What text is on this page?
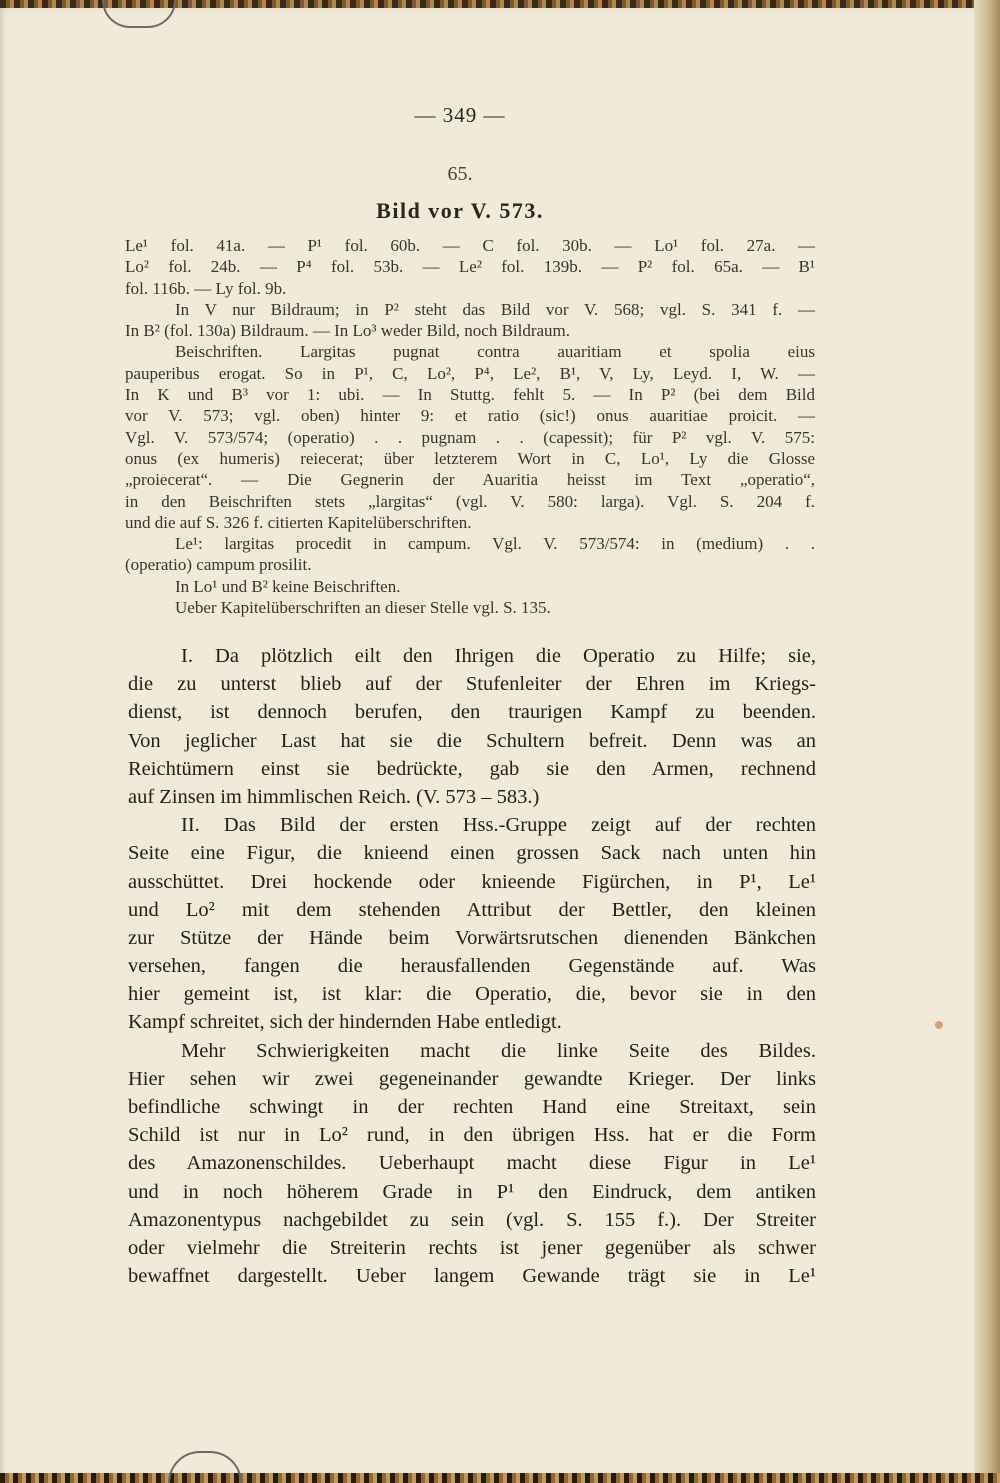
— 349 —
65.
Bild vor V. 573.
Le¹ fol. 41a. — P¹ fol. 60b. — C fol. 30b. — Lo¹ fol. 27a. —
Lo² fol. 24b. — P⁴ fol. 53b. — Le² fol. 139b. — P² fol. 65a. — B¹
fol. 116b. — Ly fol. 9b.
In V nur Bildraum; in P² steht das Bild vor V. 568; vgl. S. 341 f. —
In B² (fol. 130a) Bildraum. — In Lo³ weder Bild, noch Bildraum.
Beischriften. Largitas pugnat contra auaritiam et spolia eius
pauperibus erogat. So in P¹, C, Lo², P⁴, Le², B¹, V, Ly, Leyd. I, W. —
In K und B³ vor 1: ubi. — In Stuttg. fehlt 5. — In P² (bei dem Bild
vor V. 573; vgl. oben) hinter 9: et ratio (sic!) onus auaritiae proicit. —
Vgl. V. 573/574; (operatio) . . pugnam . . (capessit); für P² vgl. V. 575:
onus (ex humeris) reiecerat; über letzterem Wort in C, Lo¹, Ly die Glosse
„proiecerat“. — Die Gegnerin der Auaritia heisst im Text „operatio“,
in den Beischriften stets „largitas“ (vgl. V. 580: larga). Vgl. S. 204 f.
und die auf S. 326 f. citierten Kapitelüberschriften.
Le¹: largitas procedit in campum. Vgl. V. 573/574: in (medium) . .
(operatio) campum prosilit.
In Lo¹ und B² keine Beischriften.
Ueber Kapitelüberschriften an dieser Stelle vgl. S. 135.
I. Da plötzlich eilt den Ihrigen die Operatio zu Hilfe; sie,
die zu unterst blieb auf der Stufenleiter der Ehren im Kriegs-
dienst, ist dennoch berufen, den traurigen Kampf zu beenden.
Von jeglicher Last hat sie die Schultern befreit. Denn was an
Reichtümern einst sie bedrückte, gab sie den Armen, rechnend
auf Zinsen im himmlischen Reich. (V. 573 – 583.)
II. Das Bild der ersten Hss.-Gruppe zeigt auf der rechten
Seite eine Figur, die knieend einen grossen Sack nach unten hin
ausschüttet. Drei hockende oder knieende Figürchen, in P¹, Le¹
und Lo² mit dem stehenden Attribut der Bettler, den kleinen
zur Stütze der Hände beim Vorwärtsrutschen dienenden Bänkchen
versehen, fangen die herausfallenden Gegenstände auf. Was
hier gemeint ist, ist klar: die Operatio, die, bevor sie in den
Kampf schreitet, sich der hindernden Habe entledigt.
Mehr Schwierigkeiten macht die linke Seite des Bildes.
Hier sehen wir zwei gegeneinander gewandte Krieger. Der links
befindliche schwingt in der rechten Hand eine Streitaxt, sein
Schild ist nur in Lo² rund, in den übrigen Hss. hat er die Form
des Amazonenschildes. Ueberhaupt macht diese Figur in Le¹
und in noch höherem Grade in P¹ den Eindruck, dem antiken
Amazonentypus nachgebildet zu sein (vgl. S. 155 f.). Der Streiter
oder vielmehr die Streiterin rechts ist jener gegenüber als schwer
bewaffnet dargestellt. Ueber langem Gewande trägt sie in Le¹
